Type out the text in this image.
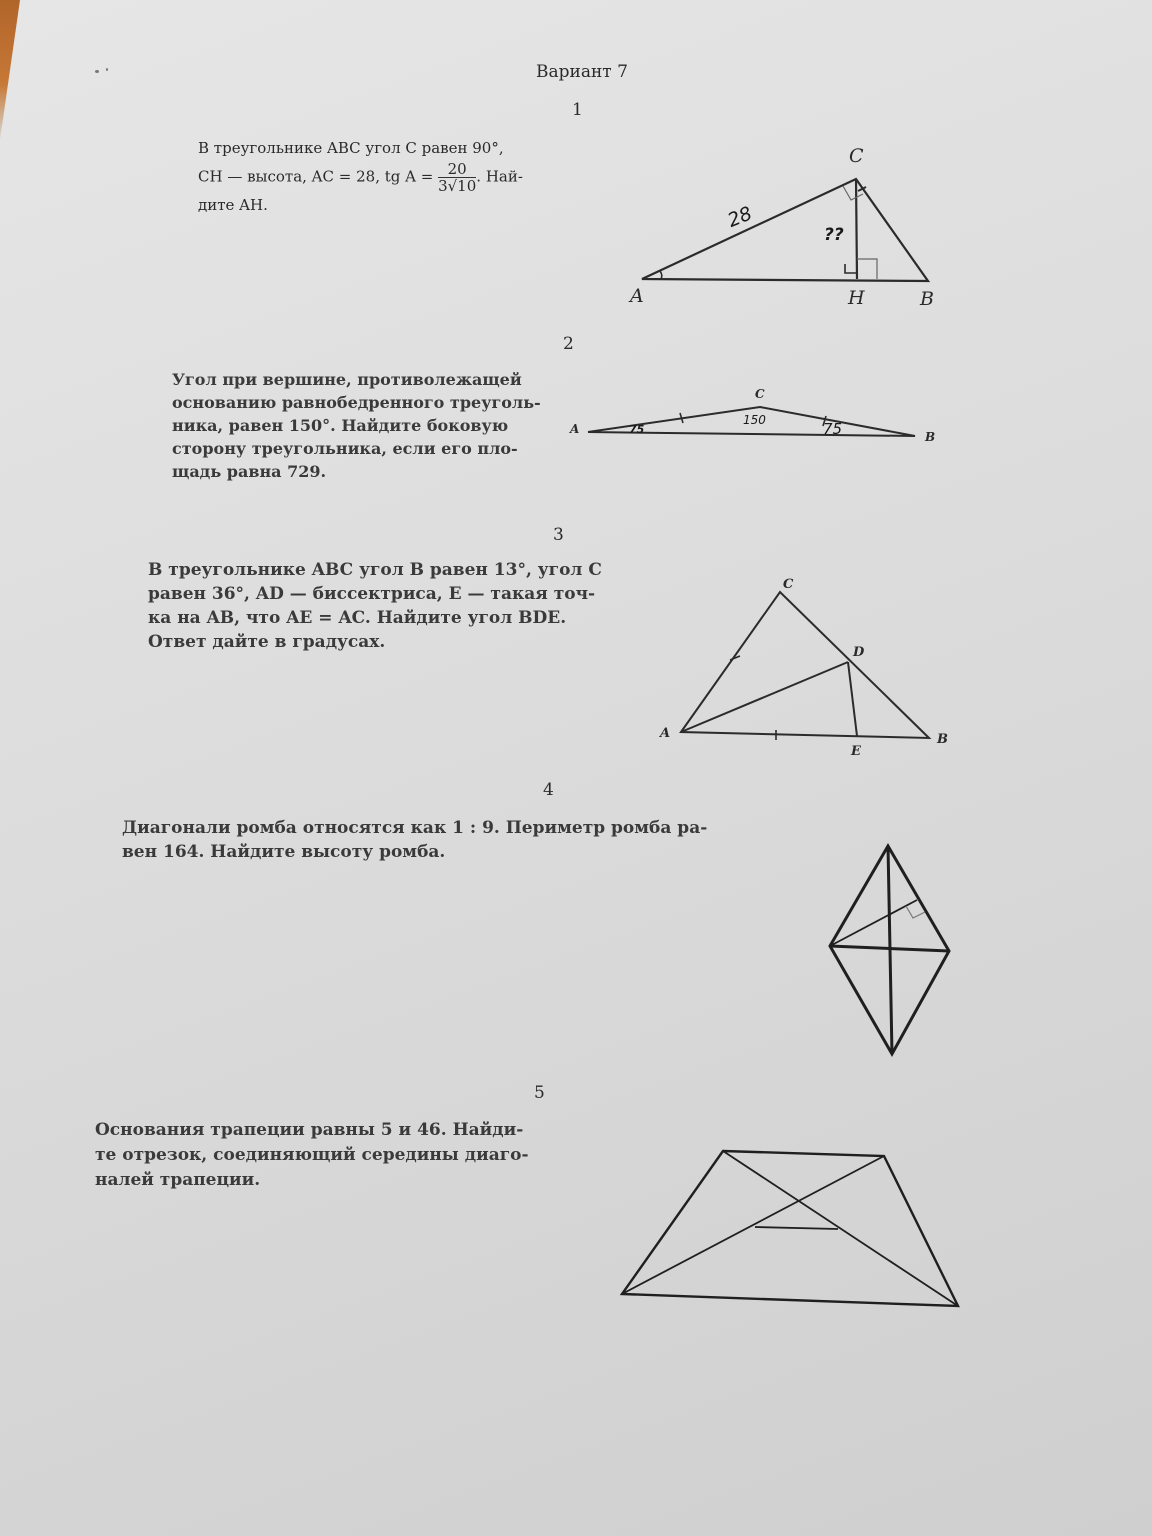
Вариант 7
1
В треугольнике ABC угол C равен 90°,
CH — высота, AC = 28, tg $A = \frac{20}{3√10}$ . Най-
дите AH.
C
A	H	B
28
??
2
Угол при вершине, противолежащей
основанию равнобедренного треуголь-
ника, равен 150°. Найдите боковую
сторону треугольника, если его пло-
щадь равна 729.
A
C
B
150
75	75
3
В треугольнике ABC угол B равен 13°, угол C
равен 36°, AD — биссектриса, E — такая точ-
ка на AB, что AE = AC. Найдите угол BDE.
Ответ дайте в градусах.
C
D
A
E
B
4
Диагонали ромба относятся как 1 : 9. Периметр ромба ра-
вен 164. Найдите высоту ромба.
5
Основания трапеции равны 5 и 46. Найди-
те отрезок, соединяющий середины диаго-
налей трапеции.
